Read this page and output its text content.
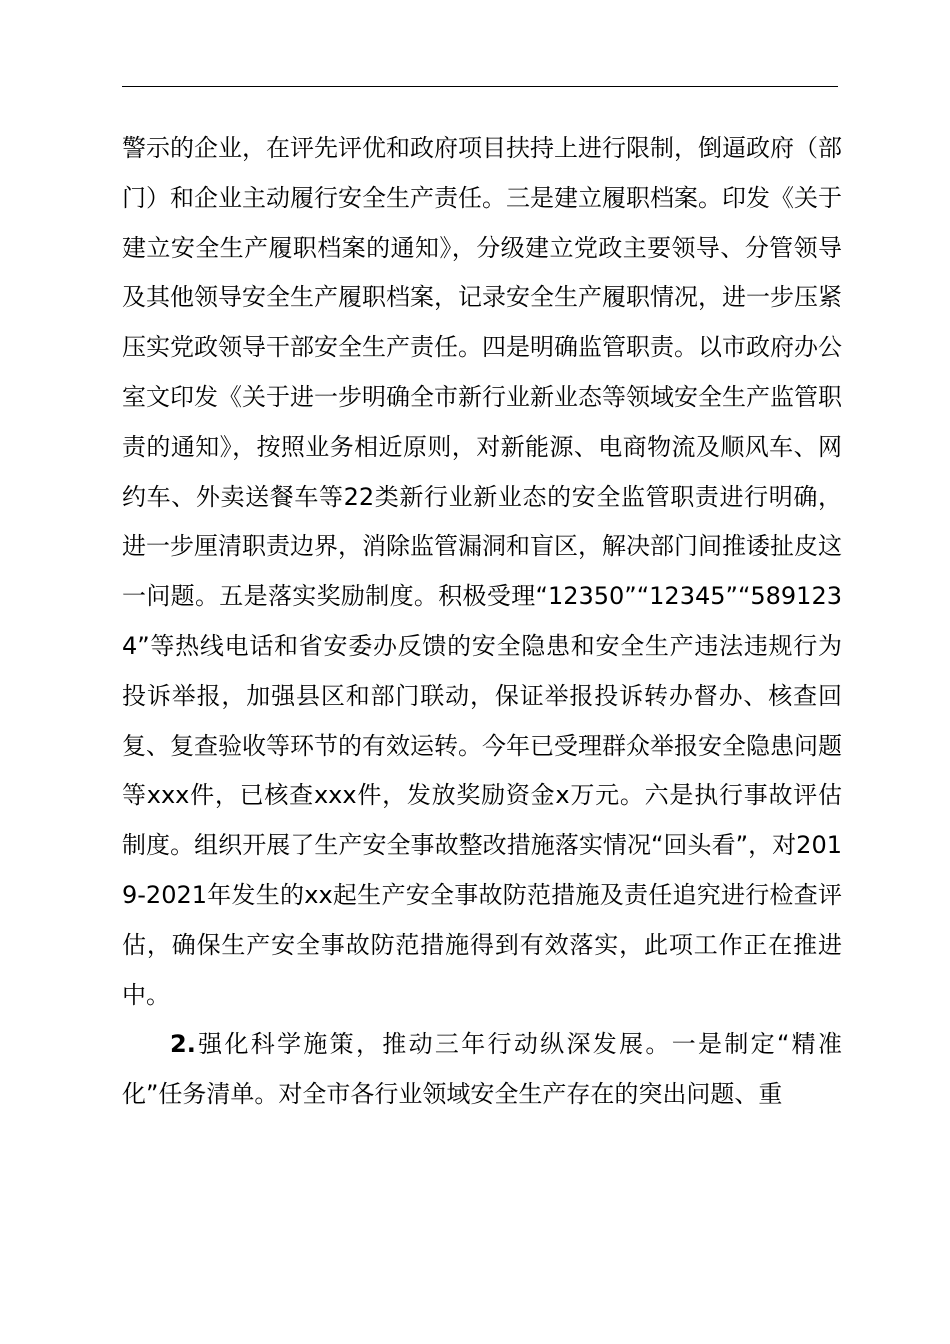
警示的企业，在评先评优和政府项目扶持上进行限制，倒逼政府（部门）和企业主动履行安全生产责任。三是建立履职档案。印发《关于建立安全生产履职档案的通知》，分级建立党政主要领导、分管领导及其他领导安全生产履职档案，记录安全生产履职情况，进一步压紧压实党政领导干部安全生产责任。四是明确监管职责。以市政府办公室文印发《关于进一步明确全市新行业新业态等领域安全生产监管职责的通知》，按照业务相近原则，对新能源、电商物流及顺风车、网约车、外卖送餐车等22类新行业新业态的安全监管职责进行明确，进一步厘清职责边界，消除监管漏洞和盲区，解决部门间推诿扯皮这一问题。五是落实奖励制度。积极受理“12350”“12345”“5891234”等热线电话和省安委办反馈的安全隐患和安全生产违法违规行为投诉举报，加强县区和部门联动，保证举报投诉转办督办、核查回复、复查验收等环节的有效运转。今年已受理群众举报安全隐患问题等xxx件，已核查xxx件，发放奖励资金x万元。六是执行事故评估制度。组织开展了生产安全事故整改措施落实情况“回头看”，对2019-2021年发生的xx起生产安全事故防范措施及责任追究进行检查评估，确保生产安全事故防范措施得到有效落实，此项工作正在推进中。

2.强化科学施策，推动三年行动纵深发展。一是制定“精准化”任务清单。对全市各行业领域安全生产存在的突出问题、重
